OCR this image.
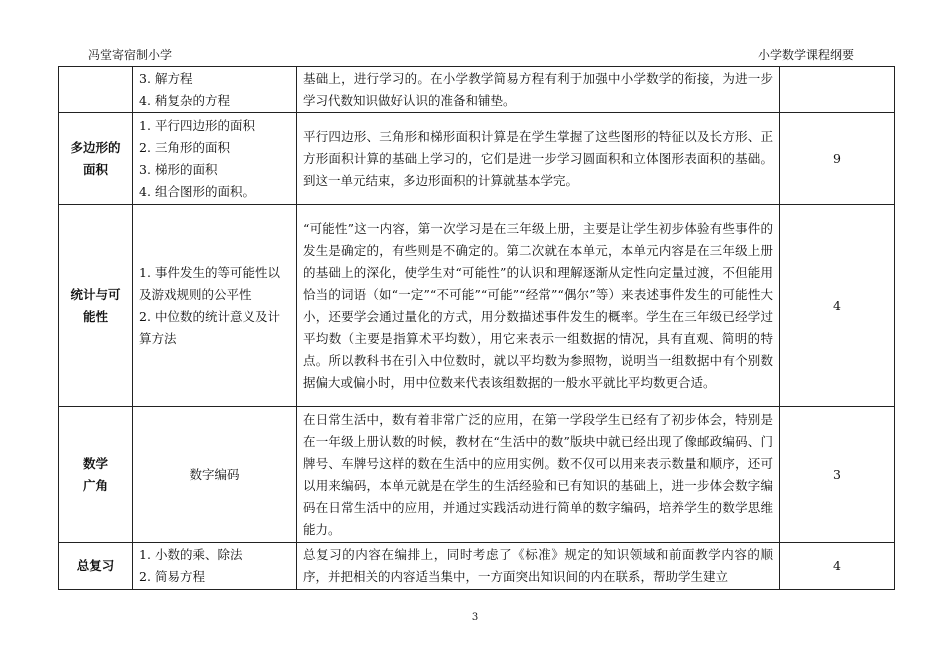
冯堂寄宿制小学	小学数学课程纲要

	3. 解方程
4. 稍复杂的方程	基础上，进行学习的。在小学教学简易方程有利于加强中小学数学的衔接，为进一步学习代数知识做好认识的准备和铺垫。	

多边形的
面积	1. 平行四边形的面积
2. 三角形的面积
3. 梯形的面积
4. 组合图形的面积。	平行四边形、三角形和梯形面积计算是在学生掌握了这些图形的特征以及长方形、正方形面积计算的基础上学习的，它们是进一步学习圆面积和立体图形表面积的基础。到这一单元结束，多边形面积的计算就基本学完。	9

统计与可
能性	1. 事件发生的等可能性以及游戏规则的公平性
2. 中位数的统计意义及计算方法	“可能性”这一内容，第一次学习是在三年级上册，主要是让学生初步体验有些事件的发生是确定的，有些则是不确定的。第二次就在本单元，本单元内容是在三年级上册的基础上的深化，使学生对“可能性”的认识和理解逐渐从定性向定量过渡，不但能用恰当的词语（如“一定”“不可能”“可能”“经常”“偶尔”等）来表述事件发生的可能性大小，还要学会通过量化的方式，用分数描述事件发生的概率。学生在三年级已经学过平均数（主要是指算术平均数），用它来表示一组数据的情况，具有直观、简明的特点。所以教科书在引入中位数时，就以平均数为参照物，说明当一组数据中有个别数据偏大或偏小时，用中位数来代表该组数据的一般水平就比平均数更合适。	4

数学
广角	数字编码	在日常生活中，数有着非常广泛的应用，在第一学段学生已经有了初步体会，特别是在一年级上册认数的时候，教材在“生活中的数”版块中就已经出现了像邮政编码、门牌号、车牌号这样的数在生活中的应用实例。数不仅可以用来表示数量和顺序，还可以用来编码，本单元就是在学生的生活经验和已有知识的基础上，进一步体会数字编码在日常生活中的应用，并通过实践活动进行简单的数字编码，培养学生的数学思维能力。	3

总复习	1. 小数的乘、除法
2. 简易方程	总复习的内容在编排上，同时考虑了《标准》规定的知识领域和前面教学内容的顺序，并把相关的内容适当集中，一方面突出知识间的内在联系，帮助学生建立	4
3
